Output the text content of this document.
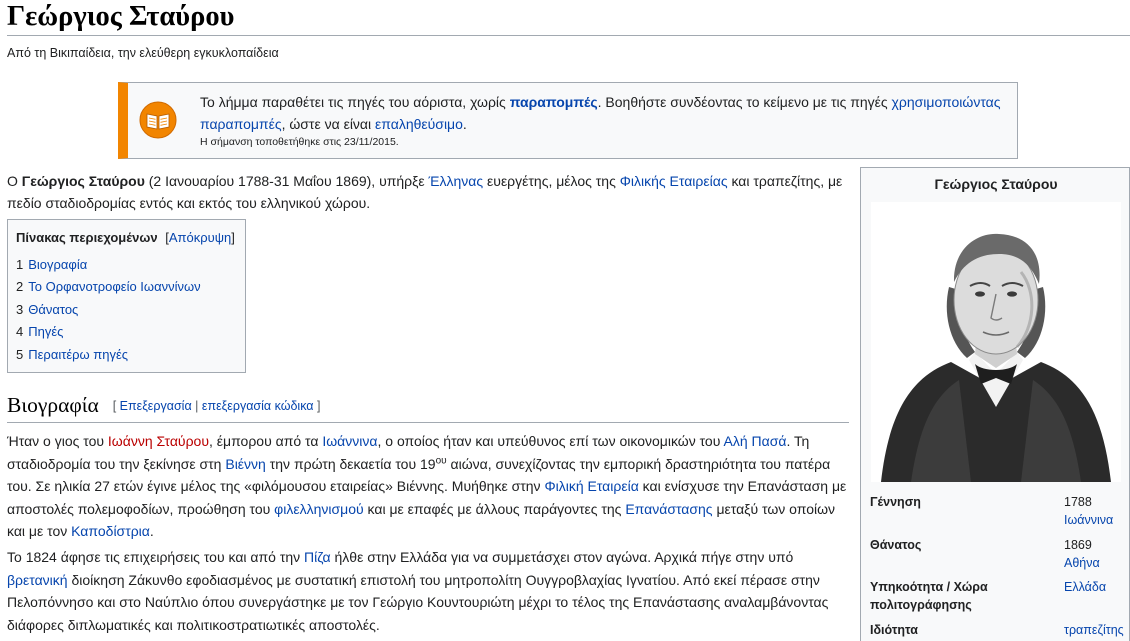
Γεώργιος Σταύρου
Από τη Βικιπαίδεια, την ελεύθερη εγκυκλοπαίδεια
Το λήμμα παραθέτει τις πηγές του αόριστα, χωρίς παραπομπές. Βοηθήστε συνδέοντας το κείμενο με τις πηγές χρησιμοποιώντας παραπομπές, ώστε να είναι επαληθεύσιμο.
Η σήμανση τοποθετήθηκε στις 23/11/2015.

Ο Γεώργιος Σταύρου (2 Ιανουαρίου 1788-31 Μαΐου 1869), υπήρξε Έλληνας ευεργέτης, μέλος της Φιλικής Εταιρείας και τραπεζίτης, με πεδίο σταδιοδρομίας εντός και εκτός του ελληνικού χώρου.

Πίνακας περιεχομένων [Απόκρυψη]
1 Βιογραφία
2 Το Ορφανοτροφείο Ιωαννίνων
3 Θάνατος
4 Πηγές
5 Περαιτέρω πηγές
Βιογραφία [ Επεξεργασία | επεξεργασία κώδικα ]

Ήταν ο γιος του Ιωάννη Σταύρου, έμπορου από τα Ιωάννινα, ο οποίος ήταν και υπεύθυνος επί των οικονομικών του Αλή Πασά. Τη σταδιοδρομία του την ξεκίνησε στη Βιέννη την πρώτη δεκαετία του $19^{o\upsilon}$ αιώνα, συνεχίζοντας την εμπορική δραστηριότητα του πατέρα του. Σε ηλικία 27 ετών έγινε μέλος της «φιλόμουσου εταιρείας» Βιέννης. Μυήθηκε στην Φιλική Εταιρεία και ενίσχυσε την Επανάσταση με αποστολές πολεμοφοδίων, προώθηση του φιλελληνισμού και με επαφές με άλλους παράγοντες της Επανάστασης μεταξύ των οποίων και με τον Καποδίστρια.

Το 1824 άφησε τις επιχειρήσεις του και από την Πίζα ήλθε στην Ελλάδα για να συμμετάσχει στον αγώνα. Αρχικά πήγε στην υπό βρετανική διοίκηση Ζάκυνθο εφοδιασμένος με συστατική επιστολή του μητροπολίτη Ουγγροβλαχίας Ιγνατίου. Από εκεί πέρασε στην Πελοπόννησο και στο Ναύπλιο όπου συνεργάστηκε με τον Γεώργιο Κουντουριώτη μέχρι το τέλος της Επανάστασης αναλαμβάνοντας διάφορες διπλωματικές και πολιτικοστρατιωτικές αποστολές.

Γεώργιος Σταύρου
Γέννηση	1788
Ιωάννινα
Θάνατος	1869
Αθήνα
Υπηκοότητα / Χώρα πολιτογράφησης
Ελλάδα
Ιδιότητα	τραπεζίτης
